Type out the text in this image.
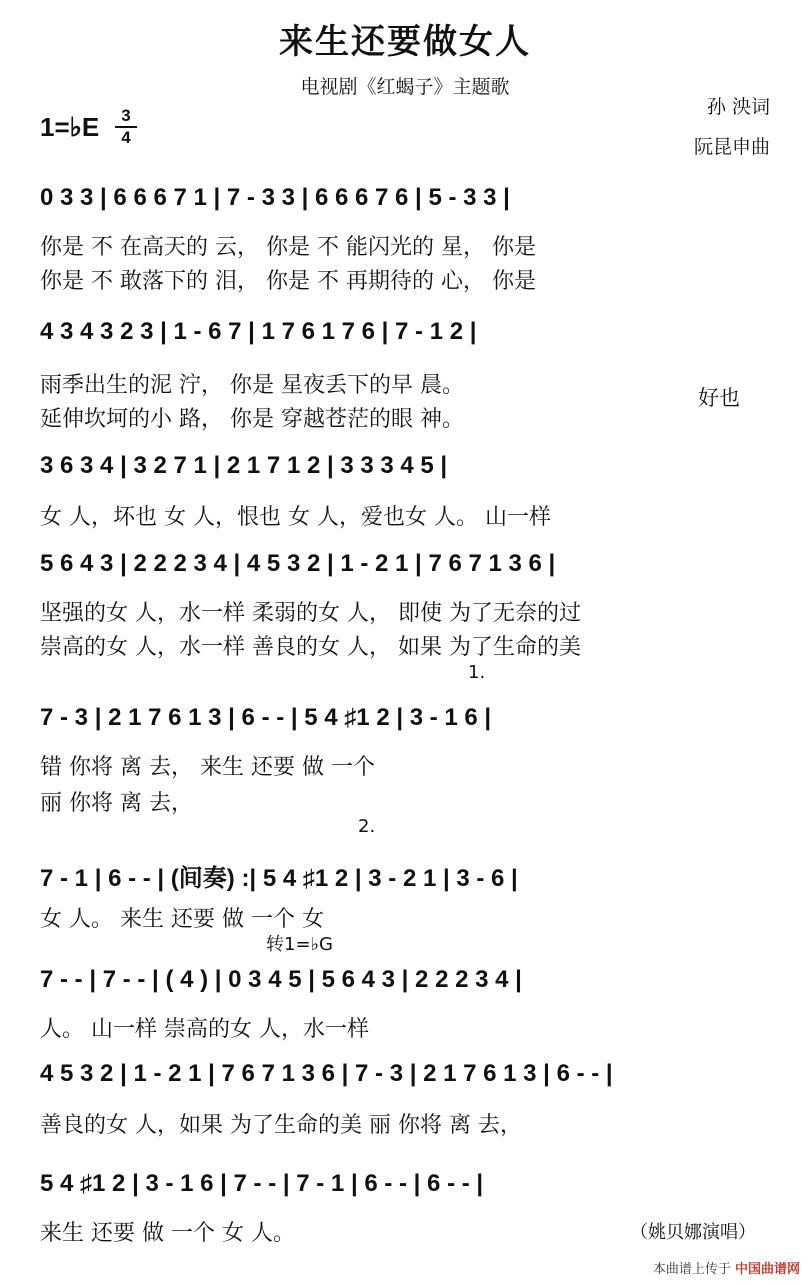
来生还要做女人
电视剧《红蝎子》主题歌
孙 泱词
阮昆申曲
1=♭E	3
4
0 3 3 | 6 6 6 7 1 | 7 - 3 3 | 6 6 6 7 6 | 5 - 3 3 |
你是 不 在高天的 云， 你是 不 能闪光的 星， 你是
你是 不 敢落下的 泪， 你是 不 再期待的 心， 你是
4 3 4 3 2 3 | 1 - 6 7 | 1 7 6 1 7 6 | 7 - 1 2 |
雨季出生的泥 泞， 你是 星夜丢下的早 晨。
延伸坎坷的小 路， 你是 穿越苍茫的眼 神。
好也
3 6 3 4 | 3 2 7 1 | 2 1 7 1 2 | 3 3 3 4 5 |
女 人，坏也 女 人，恨也 女 人，爱也女 人。 山一样
5 6 4 3 | 2 2 2 3 4 | 4 5 3 2 | 1 - 2 1 | 7 6 7 1 3 6 |
坚强的女 人，水一样 柔弱的女 人， 即使 为了无奈的过
崇高的女 人，水一样 善良的女 人， 如果 为了生命的美
1.
7 - 3 | 2 1 7 6 1 3 | 6 - - | 5 4 ♯1 2 | 3 - 1 6 |
错 你将 离 去， 来生 还要 做 一个
丽 你将 离 去，
2.
7 - 1 | 6 - - | (间奏) :| 5 4 ♯1 2 | 3 - 2 1 | 3 - 6 |
女 人。 来生 还要 做 一个 女
转1=♭G
7 - - | 7 - - | ( 4 ) | 0 3 4 5 | 5 6 4 3 | 2 2 2 3 4 |
人。 山一样 崇高的女 人，水一样
4 5 3 2 | 1 - 2 1 | 7 6 7 1 3 6 | 7 - 3 | 2 1 7 6 1 3 | 6 - - |
善良的女 人，如果 为了生命的美 丽 你将 离 去，
5 4 ♯1 2 | 3 - 1 6 | 7 - - | 7 - 1 | 6 - - | 6 - - |
来生 还要 做 一个 女 人。	（姚贝娜演唱）
本曲谱上传于 中国曲谱网
